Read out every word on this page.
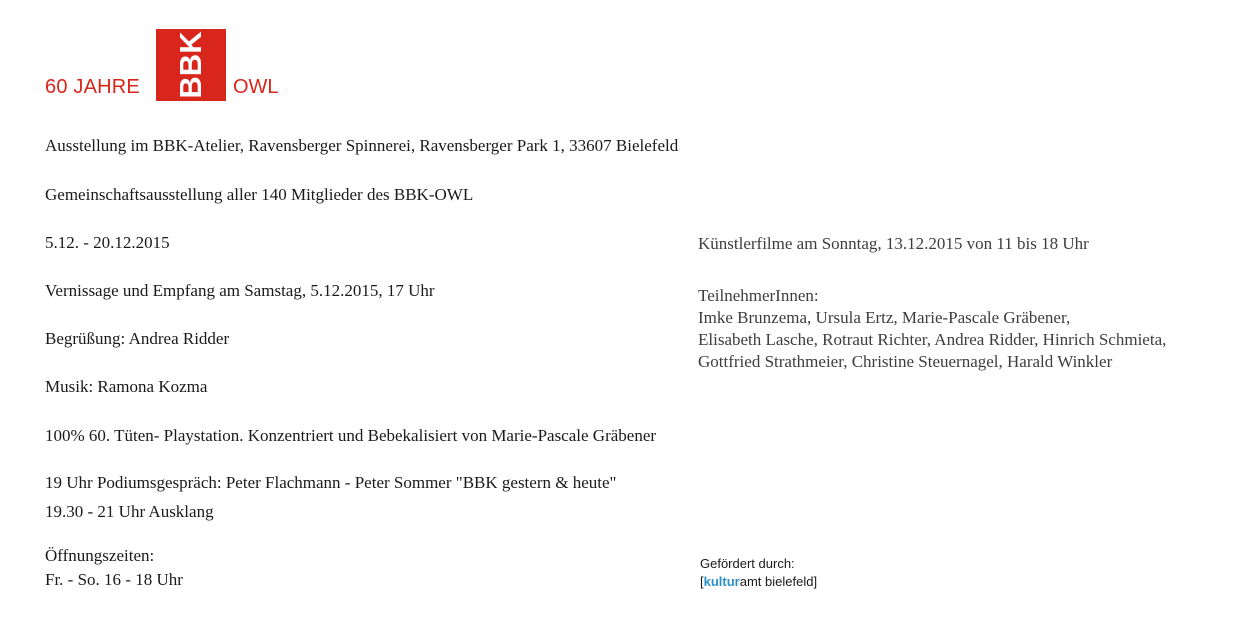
60 JAHRE BBK OWL
Ausstellung im BBK-Atelier, Ravensberger Spinnerei, Ravensberger Park 1, 33607 Bielefeld
Gemeinschaftsausstellung aller 140 Mitglieder des BBK-OWL
5.12. - 20.12.2015
Vernissage und Empfang am Samstag, 5.12.2015, 17 Uhr
Begrüßung: Andrea Ridder
Musik: Ramona Kozma
100% 60. Tüten- Playstation. Konzentriert und Bebekalisiert von Marie-Pascale Gräbener
19 Uhr Podiumsgespräch: Peter Flachmann - Peter Sommer "BBK gestern & heute"
19.30 - 21 Uhr Ausklang
Öffnungszeiten:
Fr. - So. 16 - 18 Uhr
Künstlerfilme am Sonntag, 13.12.2015 von 11 bis 18 Uhr
TeilnehmerInnen:
Imke Brunzema, Ursula Ertz, Marie-Pascale Gräbener,
Elisabeth Lasche, Rotraut Richter, Andrea Ridder, Hinrich Schmieta,
Gottfried Strathmeier, Christine Steuernagel, Harald Winkler
Gefördert durch:
[kulturamt bielefeld]
